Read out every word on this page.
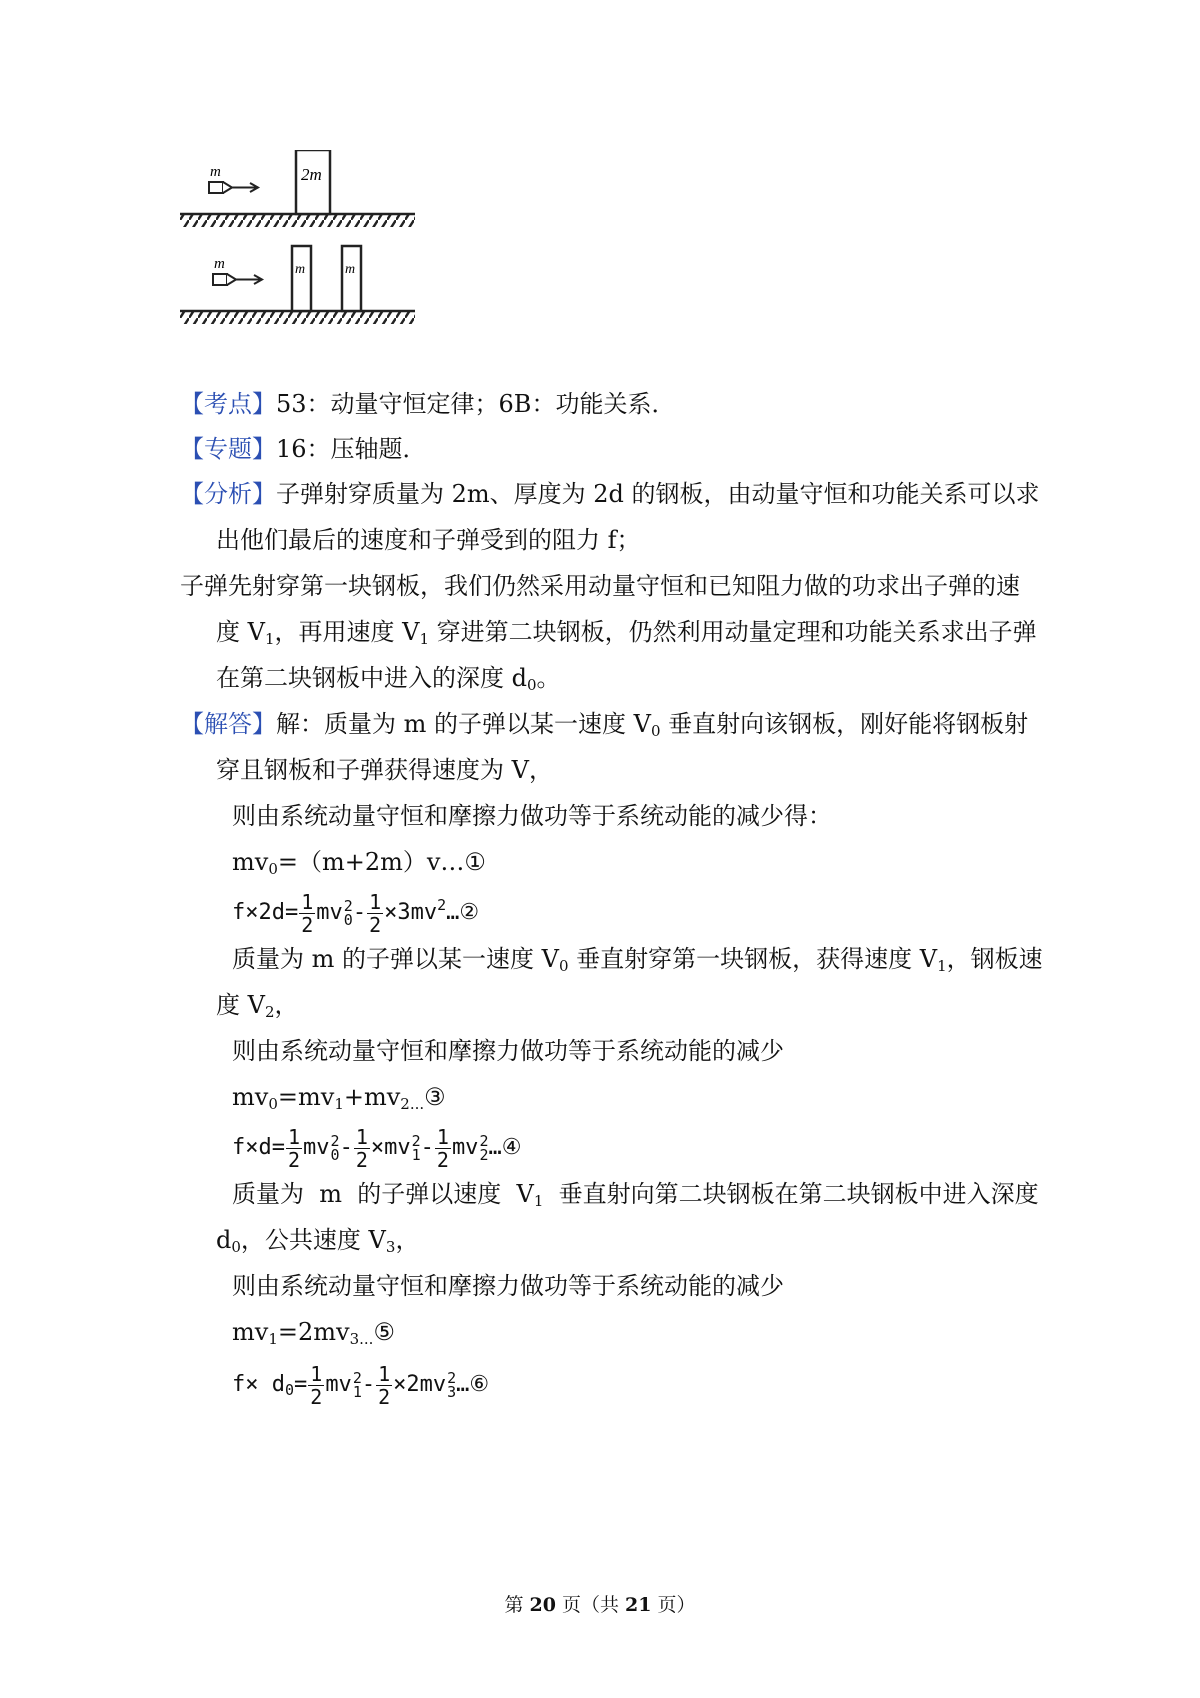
2m
m
m	m
m
【考点】53：动量守恒定律；6B：功能关系．
【专题】16：压轴题．
【分析】子弹射穿质量为 2m、厚度为 2d 的钢板，由动量守恒和功能关系可以求
出他们最后的速度和子弹受到的阻力 f；
子弹先射穿第一块钢板，我们仍然采用动量守恒和已知阻力做的功求出子弹的速
度 $V_1$，再用速度 $V_1$ 穿进第二块钢板，仍然利用动量定理和功能关系求出子弹
在第二块钢板中进入的深度 $d_0$。
【解答】解：质量为 m 的子弹以某一速度 $V_0$ 垂直射向该钢板，刚好能将钢板射
穿且钢板和子弹获得速度为 V，
则由系统动量守恒和摩擦力做功等于系统动能的减少得：
$mv_0=(m+2m)v\dots ①$
$f\times 2d= \frac{1}{2}$ mv 2
$0 - \frac{1}{2}$ $\times 3mv^2\dots ②$
质量为 m 的子弹以某一速度 $V_0$ 垂直射穿第一块钢板，获得速度 $V_1$，钢板速
度 $V_2$，
则由系统动量守恒和摩擦力做功等于系统动能的减少
$mv_0=mv_1+mv_{2...}③$
$f\times d= \frac{1}{2}$ mv 2
$0 - \frac{1}{2} \times mv$ 2
$1 - \frac{1}{2}$ mv 2
2 …④
质量为  m  的子弹以速度  $V_1$  垂直射向第二块钢板在第二块钢板中进入深度
$d_0$，公共速度 $V_3$，
则由系统动量守恒和摩擦力做功等于系统动能的减少
$mv_1=2mv_{3...}⑤$
$f\times d_0= \frac{1}{2}$ mv 2
$1 - \frac{1}{2} \times 2mv$ 2
3 …⑥
第 20 页（共 21 页）
